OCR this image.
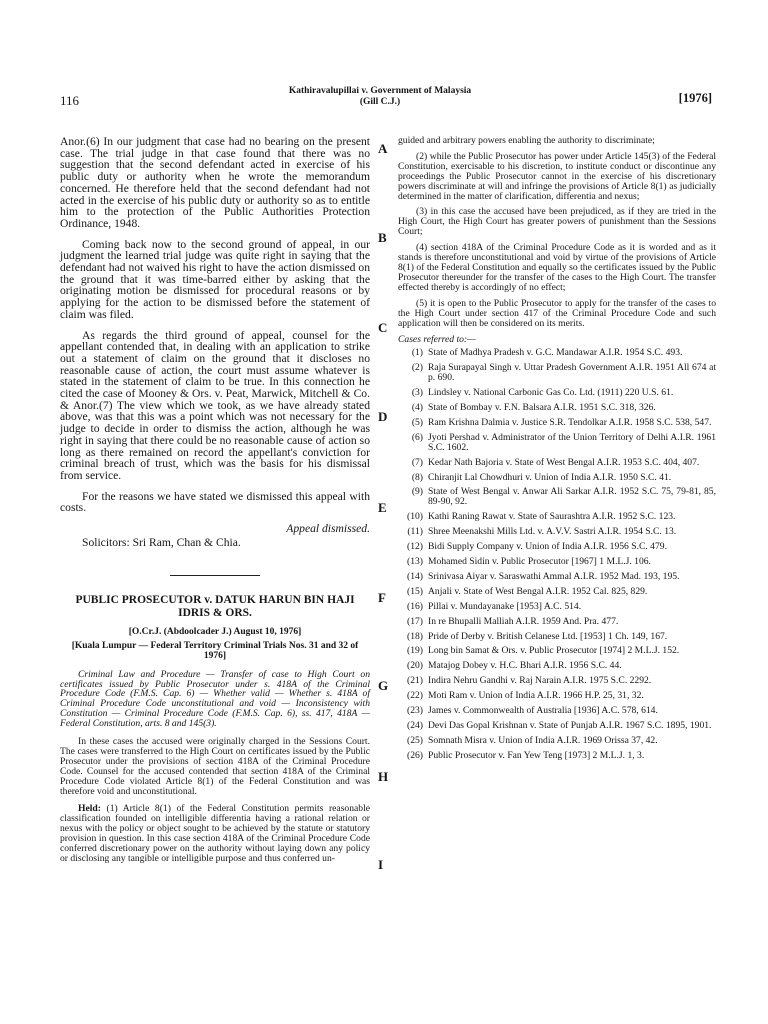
116
Kathiravalupillai v. Government of Malaysia
(Gill C.J.)	[1976]

Anor.(6) In our judgment that case had no bearing on the present case. The trial judge in that case found that there was no suggestion that the second defendant acted in exercise of his public duty or authority when he wrote the memorandum concerned. He therefore held that the second defendant had not acted in the exercise of his public duty or authority so as to entitle him to the protection of the Public Authorities Protection Ordinance, 1948.

Coming back now to the second ground of appeal, in our judgment the learned trial judge was quite right in saying that the defendant had not waived his right to have the action dismissed on the ground that it was time-barred either by asking that the originating motion be dismissed for procedural reasons or by applying for the action to be dismissed before the statement of claim was filed.

As regards the third ground of appeal, counsel for the appellant contended that, in dealing with an application to strike out a statement of claim on the ground that it discloses no reasonable cause of action, the court must assume whatever is stated in the statement of claim to be true. In this connection he cited the case of Mooney & Ors. v. Peat, Marwick, Mitchell & Co. & Anor.(7) The view which we took, as we have already stated above, was that this was a point which was not necessary for the judge to decide in order to dismiss the action, although he was right in saying that there could be no reasonable cause of action so long as there remained on record the appellant's conviction for criminal breach of trust, which was the basis for his dismissal from service.

For the reasons we have stated we dismissed this appeal with costs.

Appeal dismissed.

Solicitors: Sri Ram, Chan & Chia.

PUBLIC PROSECUTOR v. DATUK HARUN BIN HAJI IDRIS & ORS.
[O.Cr.J. (Abdoolcader J.) August 10, 1976]
[Kuala Lumpur — Federal Territory Criminal Trials Nos. 31 and 32 of 1976]

Criminal Law and Procedure — Transfer of case to High Court on certificates issued by Public Prosecutor under s. 418A of the Criminal Procedure Code (F.M.S. Cap. 6) — Whether valid — Whether s. 418A of Criminal Procedure Code unconstitutional and void — Inconsistency with Constitution — Criminal Procedure Code (F.M.S. Cap. 6), ss. 417, 418A — Federal Constitution, arts. 8 and 145(3).

In these cases the accused were originally charged in the Sessions Court. The cases were transferred to the High Court on certificates issued by the Public Prosecutor under the provisions of section 418A of the Criminal Procedure Code. Counsel for the accused contended that section 418A of the Criminal Procedure Code violated Article 8(1) of the Federal Constitution and was therefore void and unconstitutional.

Held: (1) Article 8(1) of the Federal Constitution permits reasonable classification founded on intelligible differentia having a rational relation or nexus with the policy or object sought to be achieved by the statute or statutory provision in question. In this case section 418A of the Criminal Procedure Code conferred discretionary power on the authority without laying down any policy or disclosing any tangible or intelligible purpose and thus conferred un-

A
B
C
D
E
F
G
H
I

guided and arbitrary powers enabling the authority to discriminate;

(2) while the Public Prosecutor has power under Article 145(3) of the Federal Constitution, exercisable to his discretion, to institute conduct or discontinue any proceedings the Public Prosecutor cannot in the exercise of his discretionary powers discriminate at will and infringe the provisions of Article 8(1) as judicially determined in the matter of clarification, differentia and nexus;

(3) in this case the accused have been prejudiced, as if they are tried in the High Court, the High Court has greater powers of punishment than the Sessions Court;

(4) section 418A of the Criminal Procedure Code as it is worded and as it stands is therefore unconstitutional and void by virtue of the provisions of Article 8(1) of the Federal Constitution and equally so the certificates issued by the Public Prosecutor thereunder for the transfer of the cases to the High Court. The transfer effected thereby is accordingly of no effect;

(5) it is open to the Public Prosecutor to apply for the transfer of the cases to the High Court under section 417 of the Criminal Procedure Code and such application will then be considered on its merits.

Cases referred to:—
(1) State of Madhya Pradesh v. G.C. Mandawar A.I.R. 1954 S.C. 493.
(2) Raja Surapayal Singh v. Uttar Pradesh Government A.I.R. 1951 All 674 at p. 690.
(3) Lindsley v. National Carbonic Gas Co. Ltd. (1911) 220 U.S. 61.
(4) State of Bombay v. F.N. Balsara A.I.R. 1951 S.C. 318, 326.
(5) Ram Krishna Dalmia v. Justice S.R. Tendolkar A.I.R. 1958 S.C. 538, 547.
(6) Jyoti Pershad v. Administrator of the Union Territory of Delhi A.I.R. 1961 S.C. 1602.
(7) Kedar Nath Bajoria v. State of West Bengal A.I.R. 1953 S.C. 404, 407.
(8) Chiranjit Lal Chowdhuri v. Union of India A.I.R. 1950 S.C. 41.
(9) State of West Bengal v. Anwar Ali Sarkar A.I.R. 1952 S.C. 75, 79-81, 85, 89-90, 92.
(10) Kathi Raning Rawat v. State of Saurashtra A.I.R. 1952 S.C. 123.
(11) Shree Meenakshi Mills Ltd. v. A.V.V. Sastri A.I.R. 1954 S.C. 13.
(12) Bidi Supply Company v. Union of India A.I.R. 1956 S.C. 479.
(13) Mohamed Sidin v. Public Prosecutor [1967] 1 M.L.J. 106.
(14) Srinivasa Aiyar v. Saraswathi Ammal A.I.R. 1952 Mad. 193, 195.
(15) Anjali v. State of West Bengal A.I.R. 1952 Cal. 825, 829.
(16) Pillai v. Mundayanake [1953] A.C. 514.
(17) In re Bhupalli Malliah A.I.R. 1959 And. Pra. 477.
(18) Pride of Derby v. British Celanese Ltd. [1953] 1 Ch. 149, 167.
(19) Long bin Samat & Ors. v. Public Prosecutor [1974] 2 M.L.J. 152.
(20) Matajog Dobey v. H.C. Bhari A.I.R. 1956 S.C. 44.
(21) Indira Nehru Gandhi v. Raj Narain A.I.R. 1975 S.C. 2292.
(22) Moti Ram v. Union of India A.I.R. 1966 H.P. 25, 31, 32.
(23) James v. Commonwealth of Australia [1936] A.C. 578, 614.
(24) Devi Das Gopal Krishnan v. State of Punjab A.I.R. 1967 S.C. 1895, 1901.
(25) Somnath Misra v. Union of India A.I.R. 1969 Orissa 37, 42.
(26) Public Prosecutor v. Fan Yew Teng [1973] 2 M.L.J. 1, 3.
